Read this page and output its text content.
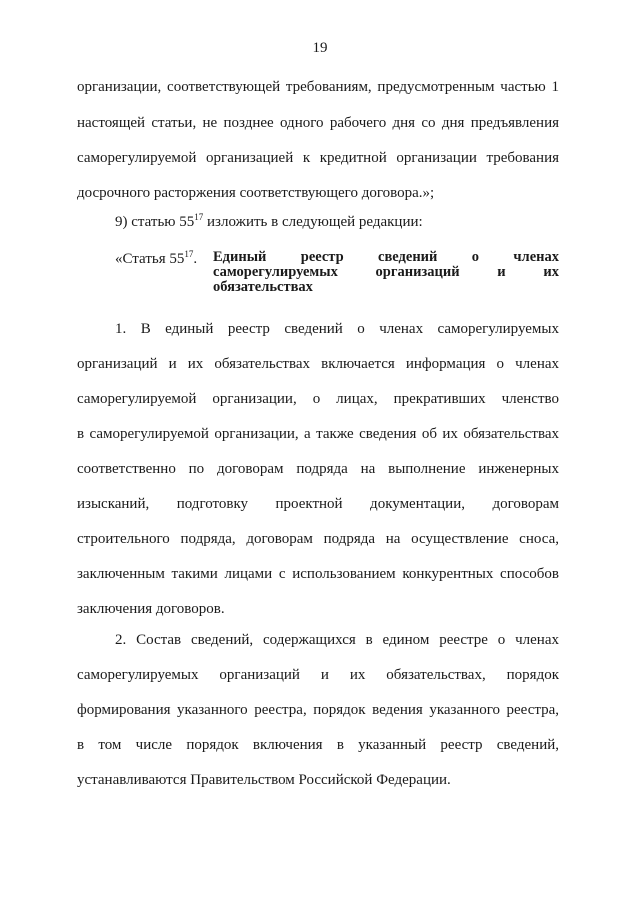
19
организации, соответствующей требованиям, предусмотренным частью 1
настоящей статьи, не позднее одного рабочего дня со дня предъявления
саморегулируемой организацией к кредитной организации требования
досрочного расторжения соответствующего договора.»;
9) статью $55^{17}$ изложить в следующей редакции:
«Статья $55^{17}$. Единый реестр сведений о членах
саморегулируемых организаций и их
обязательствах
1. В единый реестр сведений о членах саморегулируемых
организаций и их обязательствах включается информация о членах
саморегулируемой организации, о лицах, прекративших членство
в саморегулируемой организации, а также сведения об их обязательствах
соответственно по договорам подряда на выполнение инженерных
изысканий, подготовку проектной документации, договорам
строительного подряда, договорам подряда на осуществление сноса,
заключенным такими лицами с использованием конкурентных способов
заключения договоров.
2. Состав сведений, содержащихся в едином реестре о членах
саморегулируемых организаций и их обязательствах, порядок
формирования указанного реестра, порядок ведения указанного реестра,
в том числе порядок включения в указанный реестр сведений,
устанавливаются Правительством Российской Федерации.
